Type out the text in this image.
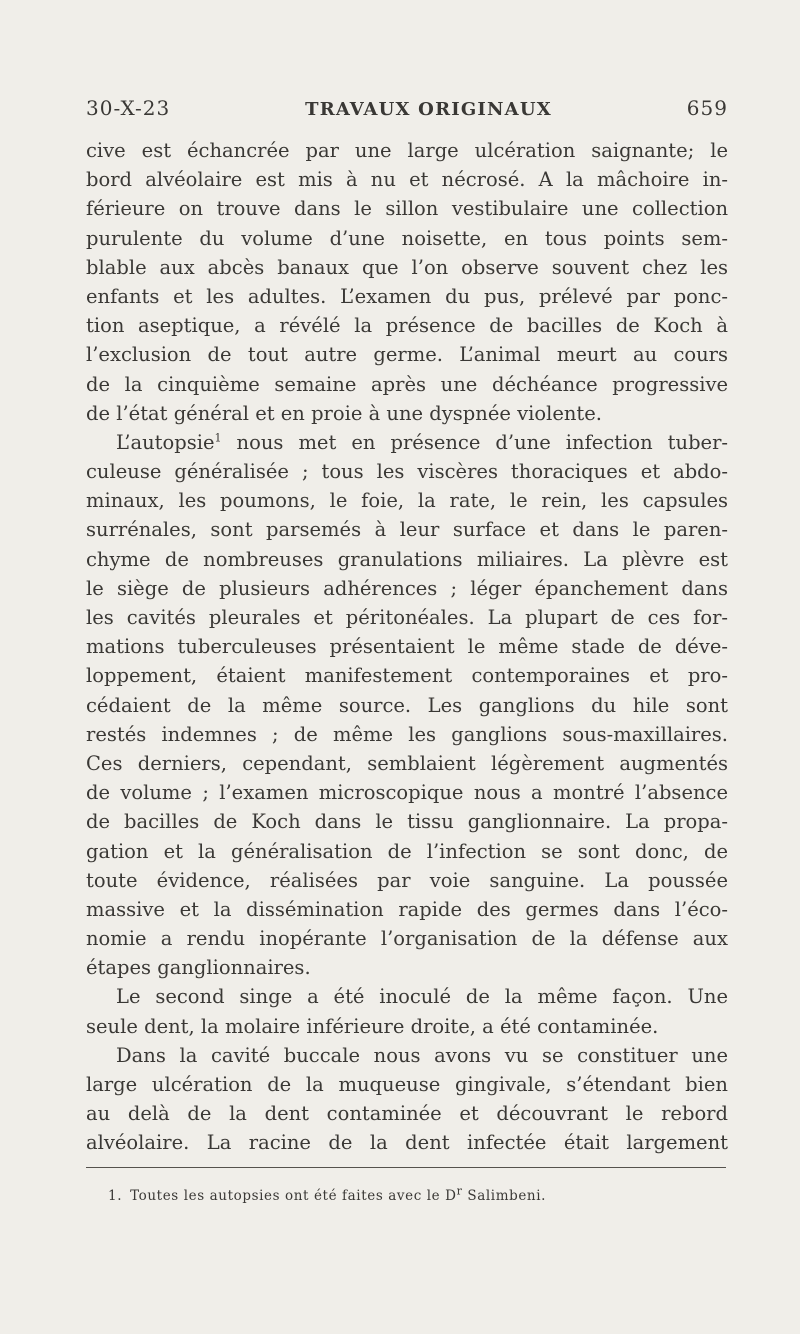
30-X-23	TRAVAUX ORIGINAUX	659
cive est échancrée par une large ulcération saignante; le
bord alvéolaire est mis à nu et nécrosé. A la mâchoire in-
férieure on trouve dans le sillon vestibulaire une collection
purulente du volume d’une noisette, en tous points sem-
blable aux abcès banaux que l’on observe souvent chez les
enfants et les adultes. L’examen du pus, prélevé par ponc-
tion aseptique, a révélé la présence de bacilles de Koch à
l’exclusion de tout autre germe. L’animal meurt au cours
de la cinquième semaine après une déchéance progressive
de l’état général et en proie à une dyspnée violente.
L’autopsie$^1$ nous met en présence d’une infection tuber-
culeuse généralisée ; tous les viscères thoraciques et abdo-
minaux, les poumons, le foie, la rate, le rein, les capsules
surrénales, sont parsemés à leur surface et dans le paren-
chyme de nombreuses granulations miliaires. La plèvre est
le siège de plusieurs adhérences ; léger épanchement dans
les cavités pleurales et péritonéales. La plupart de ces for-
mations tuberculeuses présentaient le même stade de déve-
loppement, étaient manifestement contemporaines et pro-
cédaient de la même source. Les ganglions du hile sont
restés indemnes ; de même les ganglions sous-maxillaires.
Ces derniers, cependant, semblaient légèrement augmentés
de volume ; l’examen microscopique nous a montré l’absence
de bacilles de Koch dans le tissu ganglionnaire. La propa-
gation et la généralisation de l’infection se sont donc, de
toute évidence, réalisées par voie sanguine. La poussée
massive et la dissémination rapide des germes dans l’éco-
nomie a rendu inopérante l’organisation de la défense aux
étapes ganglionnaires.
Le second singe a été inoculé de la même façon. Une
seule dent, la molaire inférieure droite, a été contaminée.
Dans la cavité buccale nous avons vu se constituer une
large ulcération de la muqueuse gingivale, s’étendant bien
au delà de la dent contaminée et découvrant le rebord
alvéolaire. La racine de la dent infectée était largement
1. Toutes les autopsies ont été faites avec le $D^r$ Salimbeni.
